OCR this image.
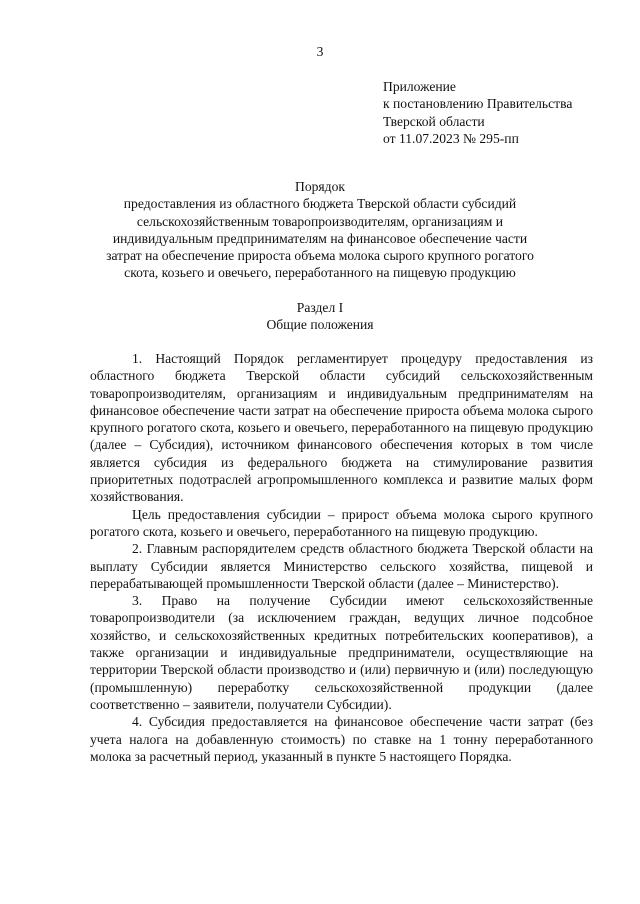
3
Приложение
к постановлению Правительства
Тверской области
от 11.07.2023 № 295-пп
Порядок
предоставления из областного бюджета Тверской области субсидий
сельскохозяйственным товаропроизводителям, организациям и
индивидуальным предпринимателям на финансовое обеспечение части
затрат на обеспечение прироста объема молока сырого крупного рогатого
скота, козьего и овечьего, переработанного на пищевую продукцию
Раздел I
Общие положения

1. Настоящий Порядок регламентирует процедуру предоставления из областного бюджета Тверской области субсидий сельскохозяйственным товаропроизводителям, организациям и индивидуальным предпринимателям на финансовое обеспечение части затрат на обеспечение прироста объема молока сырого крупного рогатого скота, козьего и овечьего, переработанного на пищевую продукцию (далее – Субсидия), источником финансового обеспечения которых в том числе является субсидия из федерального бюджета на стимулирование развития приоритетных подотраслей агропромышленного комплекса и развитие малых форм хозяйствования.

Цель предоставления субсидии – прирост объема молока сырого крупного рогатого скота, козьего и овечьего, переработанного на пищевую продукцию.

2. Главным распорядителем средств областного бюджета Тверской области на выплату Субсидии является Министерство сельского хозяйства, пищевой и перерабатывающей промышленности Тверской области (далее – Министерство).

3. Право на получение Субсидии имеют сельскохозяйственные товаропроизводители (за исключением граждан, ведущих личное подсобное хозяйство, и сельскохозяйственных кредитных потребительских кооперативов), а также организации и индивидуальные предприниматели, осуществляющие на территории Тверской области производство и (или) первичную и (или) последующую (промышленную) переработку сельскохозяйственной продукции (далее соответственно – заявители, получатели Субсидии).

4. Субсидия предоставляется на финансовое обеспечение части затрат (без учета налога на добавленную стоимость) по ставке на 1 тонну переработанного молока за расчетный период, указанный в пункте 5 настоящего Порядка.
